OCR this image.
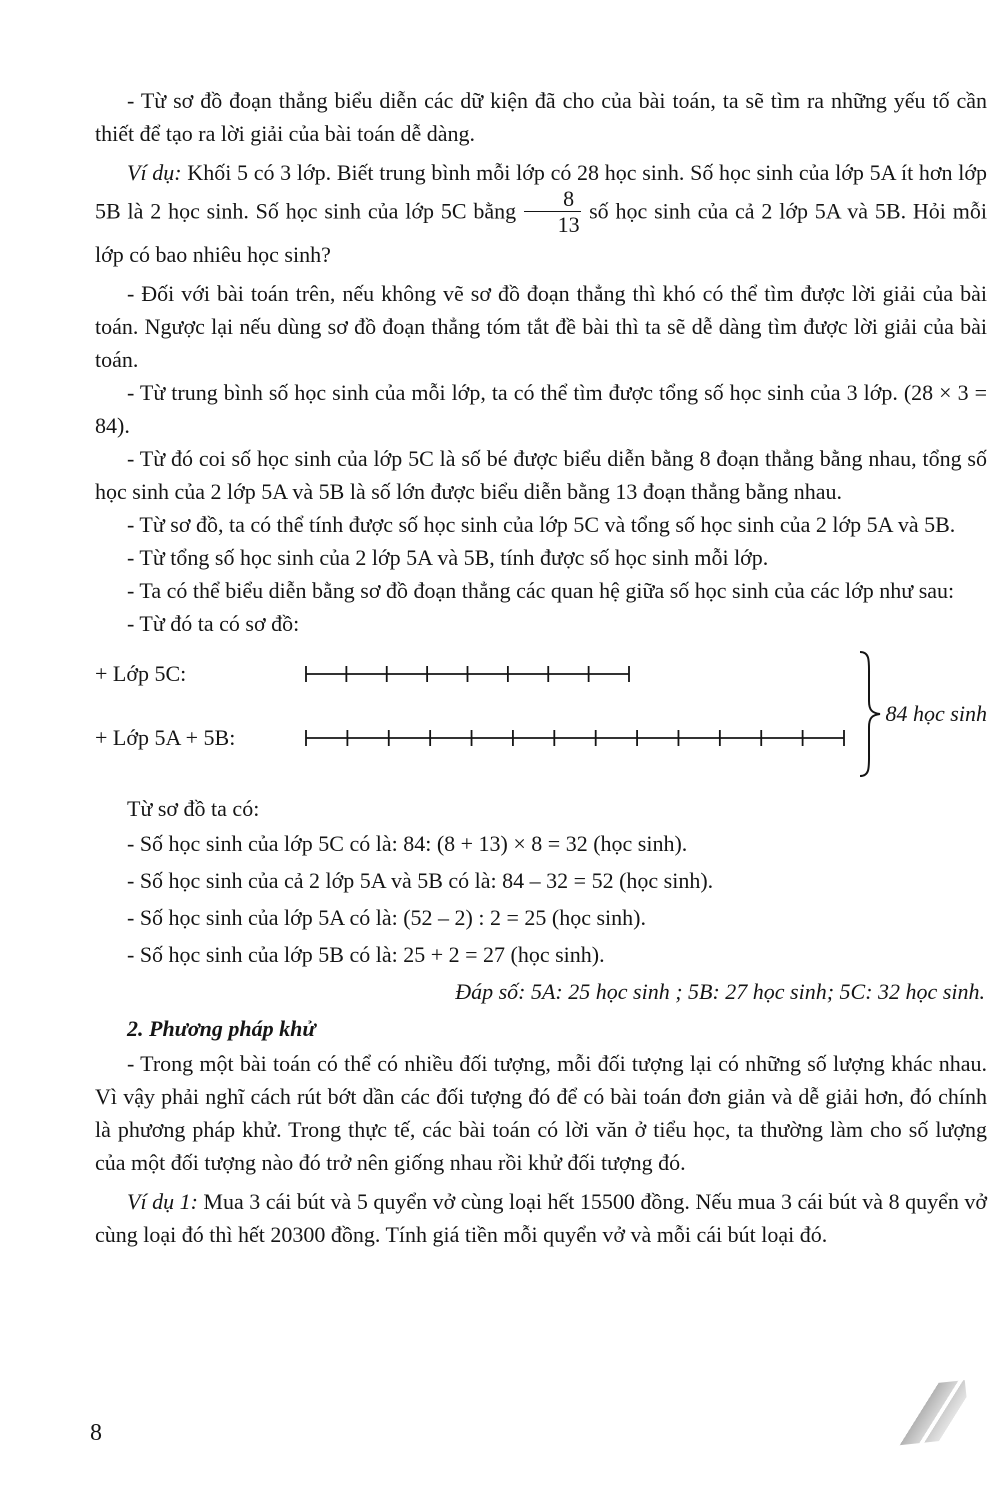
- Từ sơ đồ đoạn thẳng biểu diễn các dữ kiện đã cho của bài toán, ta sẽ tìm ra những yếu tố cần thiết để tạo ra lời giải của bài toán dễ dàng.

Ví dụ: Khối 5 có 3 lớp. Biết trung bình mỗi lớp có 28 học sinh. Số học sinh của lớp 5A ít hơn lớp 5B là 2 học sinh. Số học sinh của lớp 5C bằng $\frac{8}{13}$ số học sinh của cả 2 lớp 5A và 5B. Hỏi mỗi lớp có bao nhiêu học sinh?

- Đối với bài toán trên, nếu không vẽ sơ đồ đoạn thẳng thì khó có thể tìm được lời giải của bài toán. Ngược lại nếu dùng sơ đồ đoạn thẳng tóm tắt đề bài thì ta sẽ dễ dàng tìm được lời giải của bài toán.

- Từ trung bình số học sinh của mỗi lớp, ta có thể tìm được tổng số học sinh của 3 lớp. (28 × 3 = 84).

- Từ đó coi số học sinh của lớp 5C là số bé được biểu diễn bằng 8 đoạn thẳng bằng nhau, tổng số học sinh của 2 lớp 5A và 5B là số lớn được biểu diễn bằng 13 đoạn thẳng bằng nhau.

- Từ sơ đồ, ta có thể tính được số học sinh của lớp 5C và tổng số học sinh của 2 lớp 5A và 5B.

- Từ tổng số học sinh của 2 lớp 5A và 5B, tính được số học sinh mỗi lớp.

- Ta có thể biểu diễn bằng sơ đồ đoạn thẳng các quan hệ giữa số học sinh của các lớp như sau:

- Từ đó ta có sơ đồ:

+ Lớp 5C:
+ Lớp 5A + 5B:
84 học sinh

Từ sơ đồ ta có:

- Số học sinh của lớp 5C có là: 84: (8 + 13) × 8 = 32 (học sinh).

- Số học sinh của cả 2 lớp 5A và 5B có là: 84 – 32 = 52 (học sinh).

- Số học sinh của lớp 5A có là: (52 – 2) : 2 = 25 (học sinh).

- Số học sinh của lớp 5B có là: 25 + 2 = 27 (học sinh).

Đáp số: 5A: 25 học sinh ; 5B: 27 học sinh; 5C: 32 học sinh.

2. Phương pháp khử

- Trong một bài toán có thể có nhiều đối tượng, mỗi đối tượng lại có những số lượng khác nhau. Vì vậy phải nghĩ cách rút bớt dần các đối tượng đó để có bài toán đơn giản và dễ giải hơn, đó chính là phương pháp khử. Trong thực tế, các bài toán có lời văn ở tiểu học, ta thường làm cho số lượng của một đối tượng nào đó trở nên giống nhau rồi khử đối tượng đó.

Ví dụ 1: Mua 3 cái bút và 5 quyển vở cùng loại hết 15500 đồng. Nếu mua 3 cái bút và 8 quyển vở cùng loại đó thì hết 20300 đồng. Tính giá tiền mỗi quyển vở và mỗi cái bút loại đó.

8
